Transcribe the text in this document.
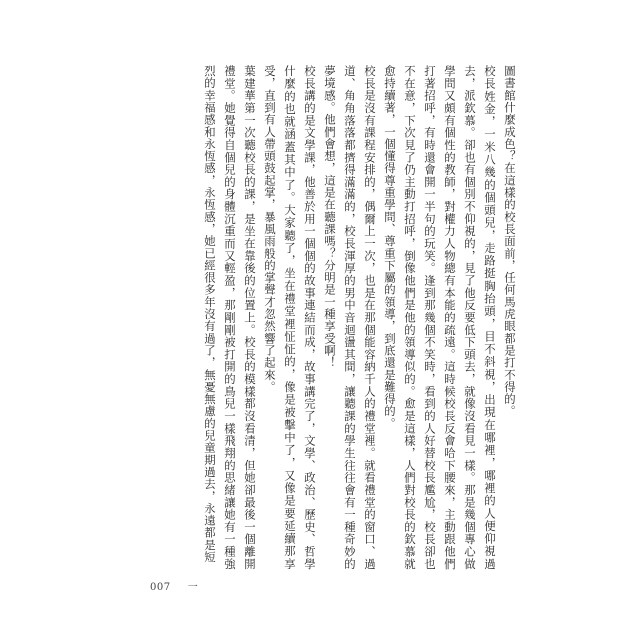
圖書館什麼成色？在這樣的校長面前，任何馬虎眼都是打不得的。

校長姓金，一米八幾的個頭兒，走路挺胸抬頭，目不斜視，出現在哪裡，哪裡的人便仰視過去，派欽慕。卻也有個別不仰視的，見了他反要低下頭去，就像沒看見一樣。那是幾個專心做學問又頗有個性的教師，對權力人物總有本能的疏遠。這時候校長反會哈下腰來，主動跟他們打著招呼，有時還會開一半句的玩笑。逢到那幾個不笑時，看到的人好替校長尷尬，校長卻也不在意，下次見了仍主動打招呼，倒像他們是他的領導似的。愈是這樣，人們對校長的欽慕就愈持續著，一個懂得尊重學問、尊重下屬的領導，到底還是難得的。

校長是沒有課程安排的，偶爾上一次，也是在那個能容納千人的禮堂裡。就看禮堂的窗口、過道、角角落落都擠得滿滿的，校長渾厚的男中音迴盪其間，讓聽課的學生往往會有一種奇妙的夢境感。他們會想，這是在聽課嗎？分明是一種享受啊！

校長講的是文學課，他善於用一個個的故事連結而成，故事講完了，文學、政治、歷史、哲學什麼的也就涵蓋其中了。大家聽了，坐在禮堂裡怔怔的，像是被擊中了，又像是要延續那享受，直到有人帶頭鼓起掌，暴風雨般的掌聲才忽然響了起來。

葉建華第一次聽校長的課，是坐在靠後的位置上。校長的模樣都沒看清，但她卻最後一個離開禮堂。她覺得自個兒的身體沉重而又輕盈，那剛剛被打開的鳥兒一樣飛翔的思緒讓她有一種強烈的幸福感和永恆感，永恆感，她已經很多年沒有過了，無憂無慮的兒童期過去，永遠都是短

007 一
